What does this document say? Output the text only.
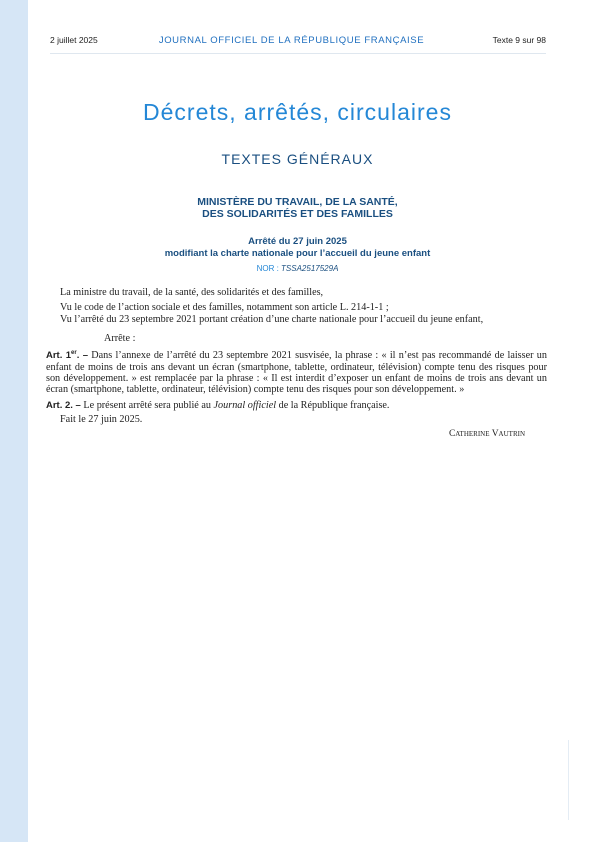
2 juillet 2025	JOURNAL OFFICIEL DE LA RÉPUBLIQUE FRANÇAISE	Texte 9 sur 98
Décrets, arrêtés, circulaires
TEXTES GÉNÉRAUX
MINISTÈRE DU TRAVAIL, DE LA SANTÉ,
DES SOLIDARITÉS ET DES FAMILLES
Arrêté du 27 juin 2025
modifiant la charte nationale pour l’accueil du jeune enfant
NOR : TSSA2517529A

La ministre du travail, de la santé, des solidarités et des familles,

Vu le code de l’action sociale et des familles, notamment son article L. 214-1-1 ;

Vu l’arrêté du 23 septembre 2021 portant création d’une charte nationale pour l’accueil du jeune enfant,

Arrête :

Art. 1er. – Dans l’annexe de l’arrêté du 23 septembre 2021 susvisée, la phrase : « il n’est pas recommandé de laisser un enfant de moins de trois ans devant un écran (smartphone, tablette, ordinateur, télévision) compte tenu des risques pour son développement. » est remplacée par la phrase : « Il est interdit d’exposer un enfant de moins de trois ans devant un écran (smartphone, tablette, ordinateur, télévision) compte tenu des risques pour son développement. »

Art. 2. – Le présent arrêté sera publié au Journal officiel de la République française.

Fait le 27 juin 2025.

Catherine Vautrin
